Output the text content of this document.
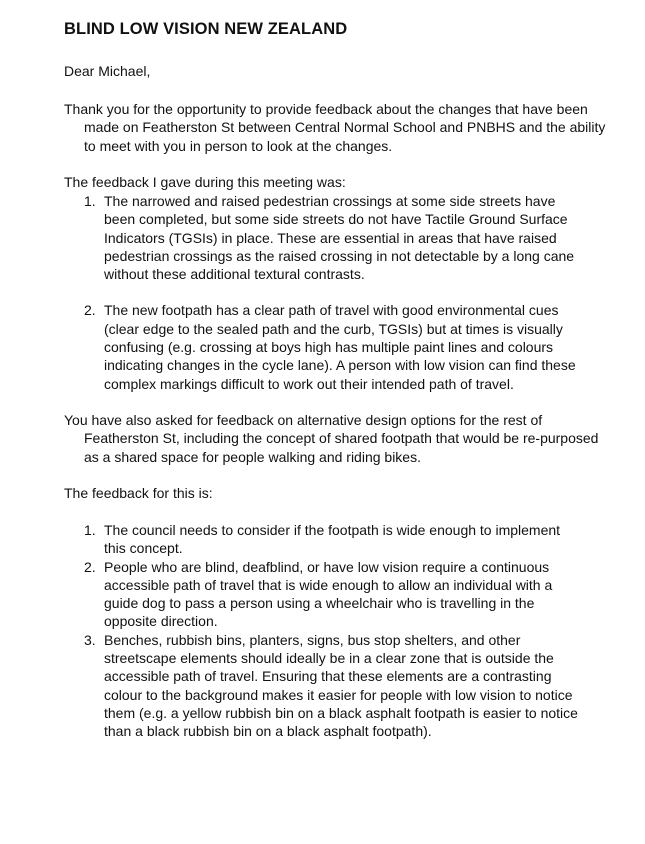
BLIND LOW VISION NEW ZEALAND

Dear Michael,

Thank you for the opportunity to provide feedback about the changes that have been made on Featherston St between Central Normal School and PNBHS and the ability to meet with you in person to look at the changes.

The feedback I gave during this meeting was:

1. The narrowed and raised pedestrian crossings at some side streets have been completed, but some side streets do not have Tactile Ground Surface Indicators (TGSIs) in place. These are essential in areas that have raised pedestrian crossings as the raised crossing in not detectable by a long cane without these additional textural contrasts.
2. The new footpath has a clear path of travel with good environmental cues (clear edge to the sealed path and the curb, TGSIs) but at times is visually confusing (e.g. crossing at boys high has multiple paint lines and colours indicating changes in the cycle lane). A person with low vision can find these complex markings difficult to work out their intended path of travel.

You have also asked for feedback on alternative design options for the rest of Featherston St, including the concept of shared footpath that would be re-purposed as a shared space for people walking and riding bikes.

The feedback for this is:

1. The council needs to consider if the footpath is wide enough to implement this concept.
2. People who are blind, deafblind, or have low vision require a continuous accessible path of travel that is wide enough to allow an individual with a guide dog to pass a person using a wheelchair who is travelling in the opposite direction.
3. Benches, rubbish bins, planters, signs, bus stop shelters, and other streetscape elements should ideally be in a clear zone that is outside the accessible path of travel. Ensuring that these elements are a contrasting colour to the background makes it easier for people with low vision to notice them (e.g. a yellow rubbish bin on a black asphalt footpath is easier to notice than a black rubbish bin on a black asphalt footpath).
